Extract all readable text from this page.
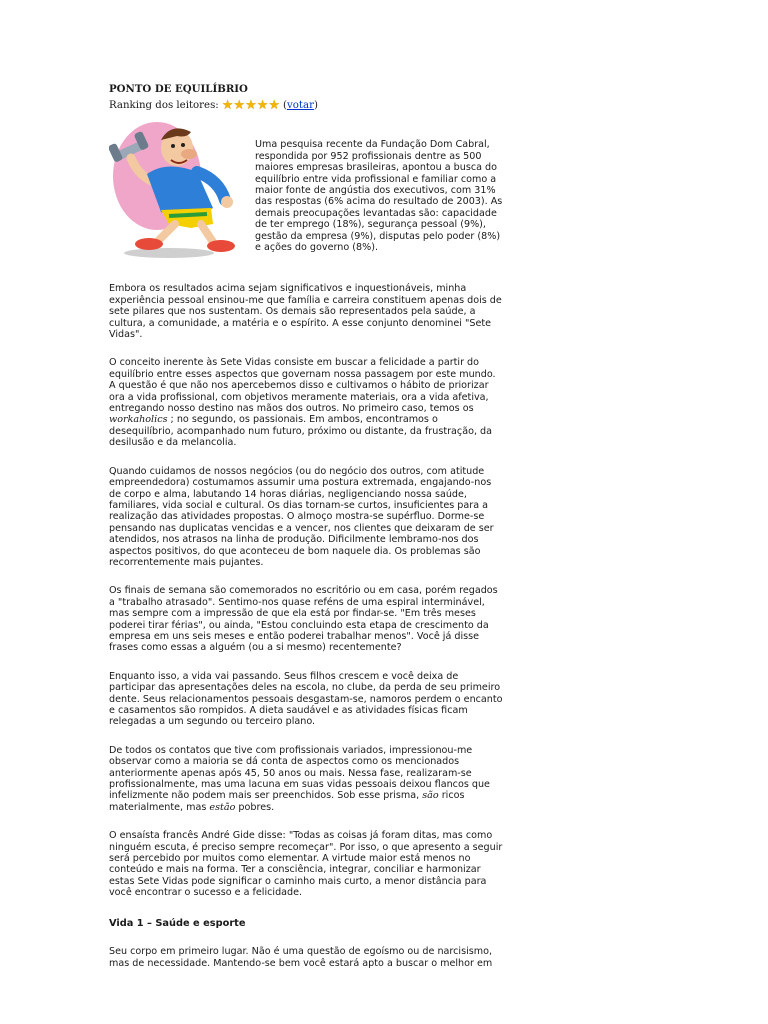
PONTO DE EQUILÍBRIO
Ranking dos leitores: ★ ★ ★ ★ ★ ( votar )
Uma pesquisa recente da Fundação Dom Cabral, respondida por 952 profissionais dentre as 500 maiores empresas brasileiras, apontou a busca do equilíbrio entre vida profissional e familiar como a maior fonte de angústia dos executivos, com 31% das respostas (6% acima do resultado de 2003). As demais preocupações levantadas são: capacidade de ter emprego (18%), segurança pessoal (9%), gestão da empresa (9%), disputas pelo poder (8%) e ações do governo (8%).

Embora os resultados acima sejam significativos e inquestionáveis, minha experiência pessoal ensinou-me que família e carreira constituem apenas dois de sete pilares que nos sustentam. Os demais são representados pela saúde, a cultura, a comunidade, a matéria e o espírito. A esse conjunto denominei "Sete Vidas".

O conceito inerente às Sete Vidas consiste em buscar a felicidade a partir do equilíbrio entre esses aspectos que governam nossa passagem por este mundo. A questão é que não nos apercebemos disso e cultivamos o hábito de priorizar ora a vida profissional, com objetivos meramente materiais, ora a vida afetiva, entregando nosso destino nas mãos dos outros. No primeiro caso, temos os workaholics ; no segundo, os passionais. Em ambos, encontramos o desequilíbrio, acompanhado num futuro, próximo ou distante, da frustração, da desilusão e da melancolia.

Quando cuidamos de nossos negócios (ou do negócio dos outros, com atitude empreendedora) costumamos assumir uma postura extremada, engajando-nos de corpo e alma, labutando 14 horas diárias, negligenciando nossa saúde, familiares, vida social e cultural. Os dias tornam-se curtos, insuficientes para a realização das atividades propostas. O almoço mostra-se supérfluo. Dorme-se pensando nas duplicatas vencidas e a vencer, nos clientes que deixaram de ser atendidos, nos atrasos na linha de produção. Dificilmente lembramo-nos dos aspectos positivos, do que aconteceu de bom naquele dia. Os problemas são recorrentemente mais pujantes.

Os finais de semana são comemorados no escritório ou em casa, porém regados a "trabalho atrasado". Sentimo-nos quase reféns de uma espiral interminável, mas sempre com a impressão de que ela está por findar-se. "Em três meses poderei tirar férias", ou ainda, "Estou concluindo esta etapa de crescimento da empresa em uns seis meses e então poderei trabalhar menos". Você já disse frases como essas a alguém (ou a si mesmo) recentemente?

Enquanto isso, a vida vai passando. Seus filhos crescem e você deixa de participar das apresentações deles na escola, no clube, da perda de seu primeiro dente. Seus relacionamentos pessoais desgastam-se, namoros perdem o encanto e casamentos são rompidos. A dieta saudável e as atividades físicas ficam relegadas a um segundo ou terceiro plano.

De todos os contatos que tive com profissionais variados, impressionou-me observar como a maioria se dá conta de aspectos como os mencionados anteriormente apenas após 45, 50 anos ou mais. Nessa fase, realizaram-se profissionalmente, mas uma lacuna em suas vidas pessoais deixou flancos que infelizmente não podem mais ser preenchidos. Sob esse prisma, são ricos materialmente, mas estão pobres.

O ensaísta francês André Gide disse: "Todas as coisas já foram ditas, mas como ninguém escuta, é preciso sempre recomeçar". Por isso, o que apresento a seguir será percebido por muitos como elementar. A virtude maior está menos no conteúdo e mais na forma. Ter a consciência, integrar, conciliar e harmonizar estas Sete Vidas pode significar o caminho mais curto, a menor distância para você encontrar o sucesso e a felicidade.

Vida 1 – Saúde e esporte

Seu corpo em primeiro lugar. Não é uma questão de egoísmo ou de narcisismo, mas de necessidade. Mantendo-se bem você estará apto a buscar o melhor em
